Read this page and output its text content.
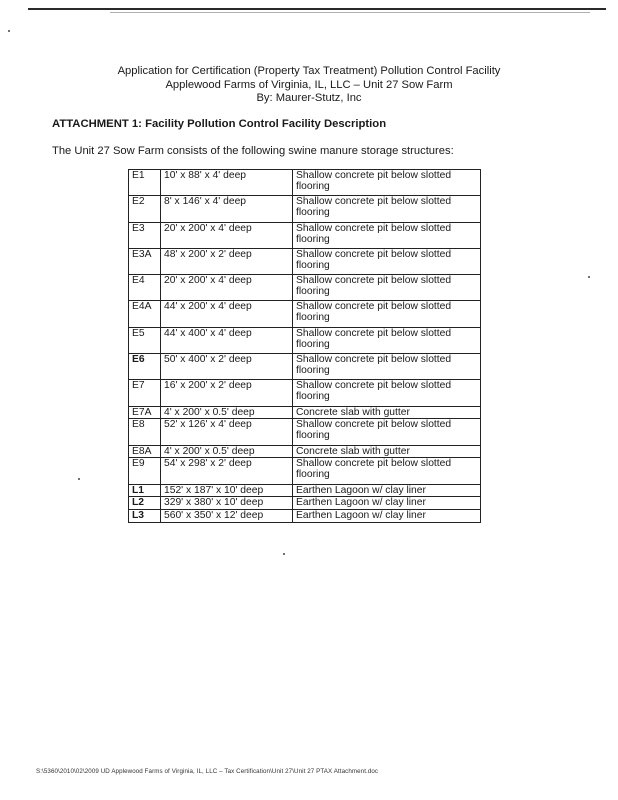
Application for Certification (Property Tax Treatment) Pollution Control Facility
Applewood Farms of Virginia, IL, LLC – Unit 27 Sow Farm
By: Maurer-Stutz, Inc
ATTACHMENT 1: Facility Pollution Control Facility Description
The Unit 27 Sow Farm consists of the following swine manure storage structures:
E1	10' x 88' x 4' deep	Shallow concrete pit below slotted flooring
E2	8' x 146' x 4' deep	Shallow concrete pit below slotted flooring
E3	20' x 200' x 4' deep	Shallow concrete pit below slotted flooring
E3A	48' x 200' x 2' deep	Shallow concrete pit below slotted flooring
E4	20' x 200' x 4' deep	Shallow concrete pit below slotted flooring
E4A	44' x 200' x 4' deep	Shallow concrete pit below slotted flooring
E5	44' x 400' x 4' deep	Shallow concrete pit below slotted flooring
E6	50' x 400' x 2' deep	Shallow concrete pit below slotted flooring
E7	16' x 200' x 2' deep	Shallow concrete pit below slotted flooring
E7A	4' x 200' x 0.5' deep	Concrete slab with gutter
E8	52' x 126' x 4' deep	Shallow concrete pit below slotted flooring
E8A	4' x 200' x 0.5' deep	Concrete slab with gutter
E9	54' x 298' x 2' deep	Shallow concrete pit below slotted flooring
L1	152' x 187' x 10' deep	Earthen Lagoon w/ clay liner
L2	329' x 380' x 10' deep	Earthen Lagoon w/ clay liner
L3	560' x 350' x 12' deep	Earthen Lagoon w/ clay liner
S:\5360\2010\02\2009 UD Applewood Farms of Virginia, IL, LLC – Tax Certification\Unit 27\Unit 27 PTAX Attachment.doc
